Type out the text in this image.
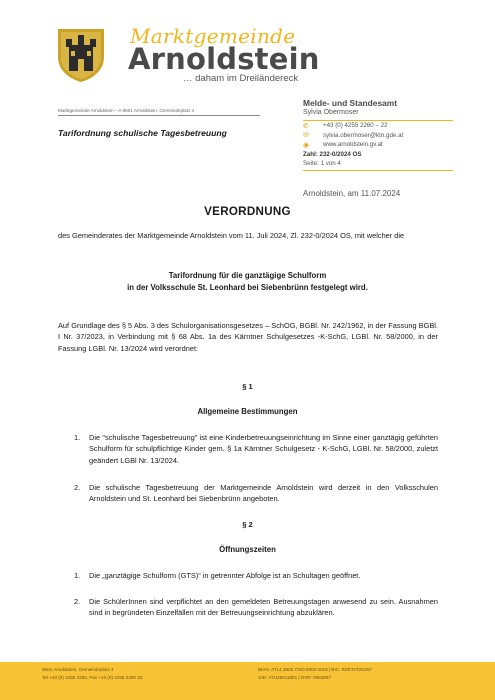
Marktgemeinde
Arnoldstein
… daham im Dreiländereck
Marktgemeinde Arnoldstein – A 9601 Arnoldstein, Gemeindeplatz 4
Tarifordnung schulische Tagesbetreuung
Melde- und Standesamt
Sylvia Obermoser
✆	+43 (0) 4255 2260 – 22
✉	sylvia.obermoser@ktn.gde.at
◉	www.arnoldstein.gv.at
Zahl: 232-0/2024 OS
Seite: 1 von 4
Arnoldstein, am 11.07.2024
VERORDNUNG
des Gemeinderates der Marktgemeinde Arnoldstein vom 11. Juli 2024, Zl. 232-0/2024 OS, mit welcher die
Tarifordnung für die ganztägige Schulform
in der Volksschule St. Leonhard bei Siebenbrünn festgelegt wird.
Auf Grundlage des § 5 Abs. 3 des Schulorganisationsgesetzes – SchOG, BGBl. Nr. 242/1962, in der Fassung BGBl. I Nr. 37/2023, in Verbindung mit § 68 Abs. 1a des Kärntner Schulgesetzes -K-SchG, LGBl. Nr. 58/2000, in der Fassung LGBl. Nr. 13/2024 wird verordnet:
§ 1
Allgemeine Bestimmungen
1. Die "schulische Tagesbetreuung" ist eine Kinderbetreuungseinrichtung im Sinne einer ganztägig geführten Schulform für schulpflichtige Kinder gem. § 1a Kärntner Schulgesetz - K-SchG, LGBl. Nr. 58/2000, zuletzt geändert LGBl Nr. 13/2024.
2. Die schulische Tagesbetreuung der Marktgemeinde Arnoldstein wird derzeit in den Volksschulen Arnoldstein und St. Leonhard bei Siebenbrünn angeboten.
§ 2
Öffnungszeiten
1. Die „ganztägige Schulform (GTS)“ in getrennter Abfolge ist an Schultagen geöffnet.
2. Die SchülerInnen sind verpflichtet an den gemeldeten Betreuungstagen anwesend zu sein. Ausnahmen sind in begründeten Einzelfällen mit der Betreuungseinrichtung abzuklären.
9601 Arnoldstein, Gemeindeplatz 4
Tel +43 (0) 4255 2260, Fax +43 (0) 4255 2260 33
IBAN: AT14 3925 7000 0000 0018 | BIC: RZKTAT2K257
UID: ATU26011801 | DVR: 0083097
